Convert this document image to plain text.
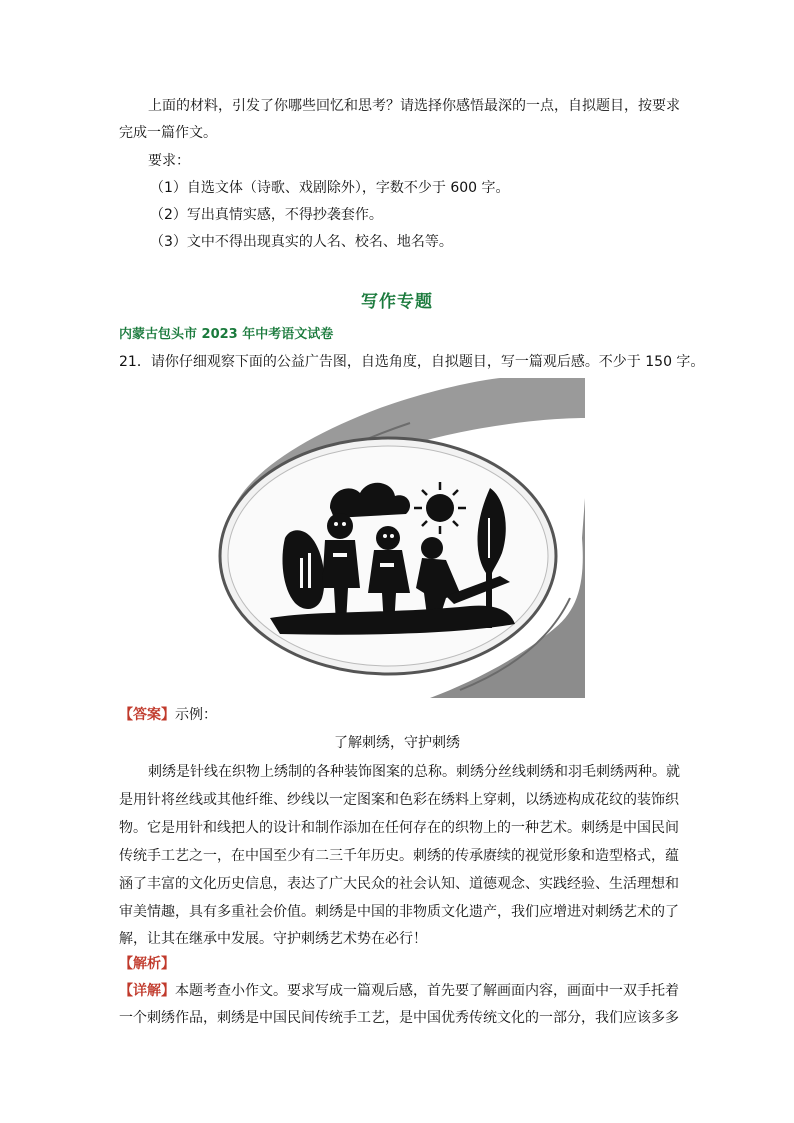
上面的材料，引发了你哪些回忆和思考？请选择你感悟最深的一点，自拟题目，按要求
完成一篇作文。
要求：
（1）自选文体（诗歌、戏剧除外），字数不少于 600 字。
（2）写出真情实感，不得抄袭套作。
（3）文中不得出现真实的人名、校名、地名等。
写作专题
内蒙古包头市 2023 年中考语文试卷
21．请你仔细观察下面的公益广告图，自选角度，自拟题目，写一篇观后感。不少于 150 字。
【答案】示例：
了解刺绣，守护刺绣
刺绣是针线在织物上绣制的各种装饰图案的总称。刺绣分丝线刺绣和羽毛刺绣两种。就
是用针将丝线或其他纤维、纱线以一定图案和色彩在绣料上穿刺，以绣迹构成花纹的装饰织
物。它是用针和线把人的设计和制作添加在任何存在的织物上的一种艺术。刺绣是中国民间
传统手工艺之一，在中国至少有二三千年历史。刺绣的传承赓续的视觉形象和造型格式，蕴
涵了丰富的文化历史信息，表达了广大民众的社会认知、道德观念、实践经验、生活理想和
审美情趣，具有多重社会价值。刺绣是中国的非物质文化遗产，我们应增进对刺绣艺术的了
解，让其在继承中发展。守护刺绣艺术势在必行！
【解析】
【详解】本题考查小作文。要求写成一篇观后感，首先要了解画面内容，画面中一双手托着
一个刺绣作品，刺绣是中国民间传统手工艺，是中国优秀传统文化的一部分，我们应该多多
